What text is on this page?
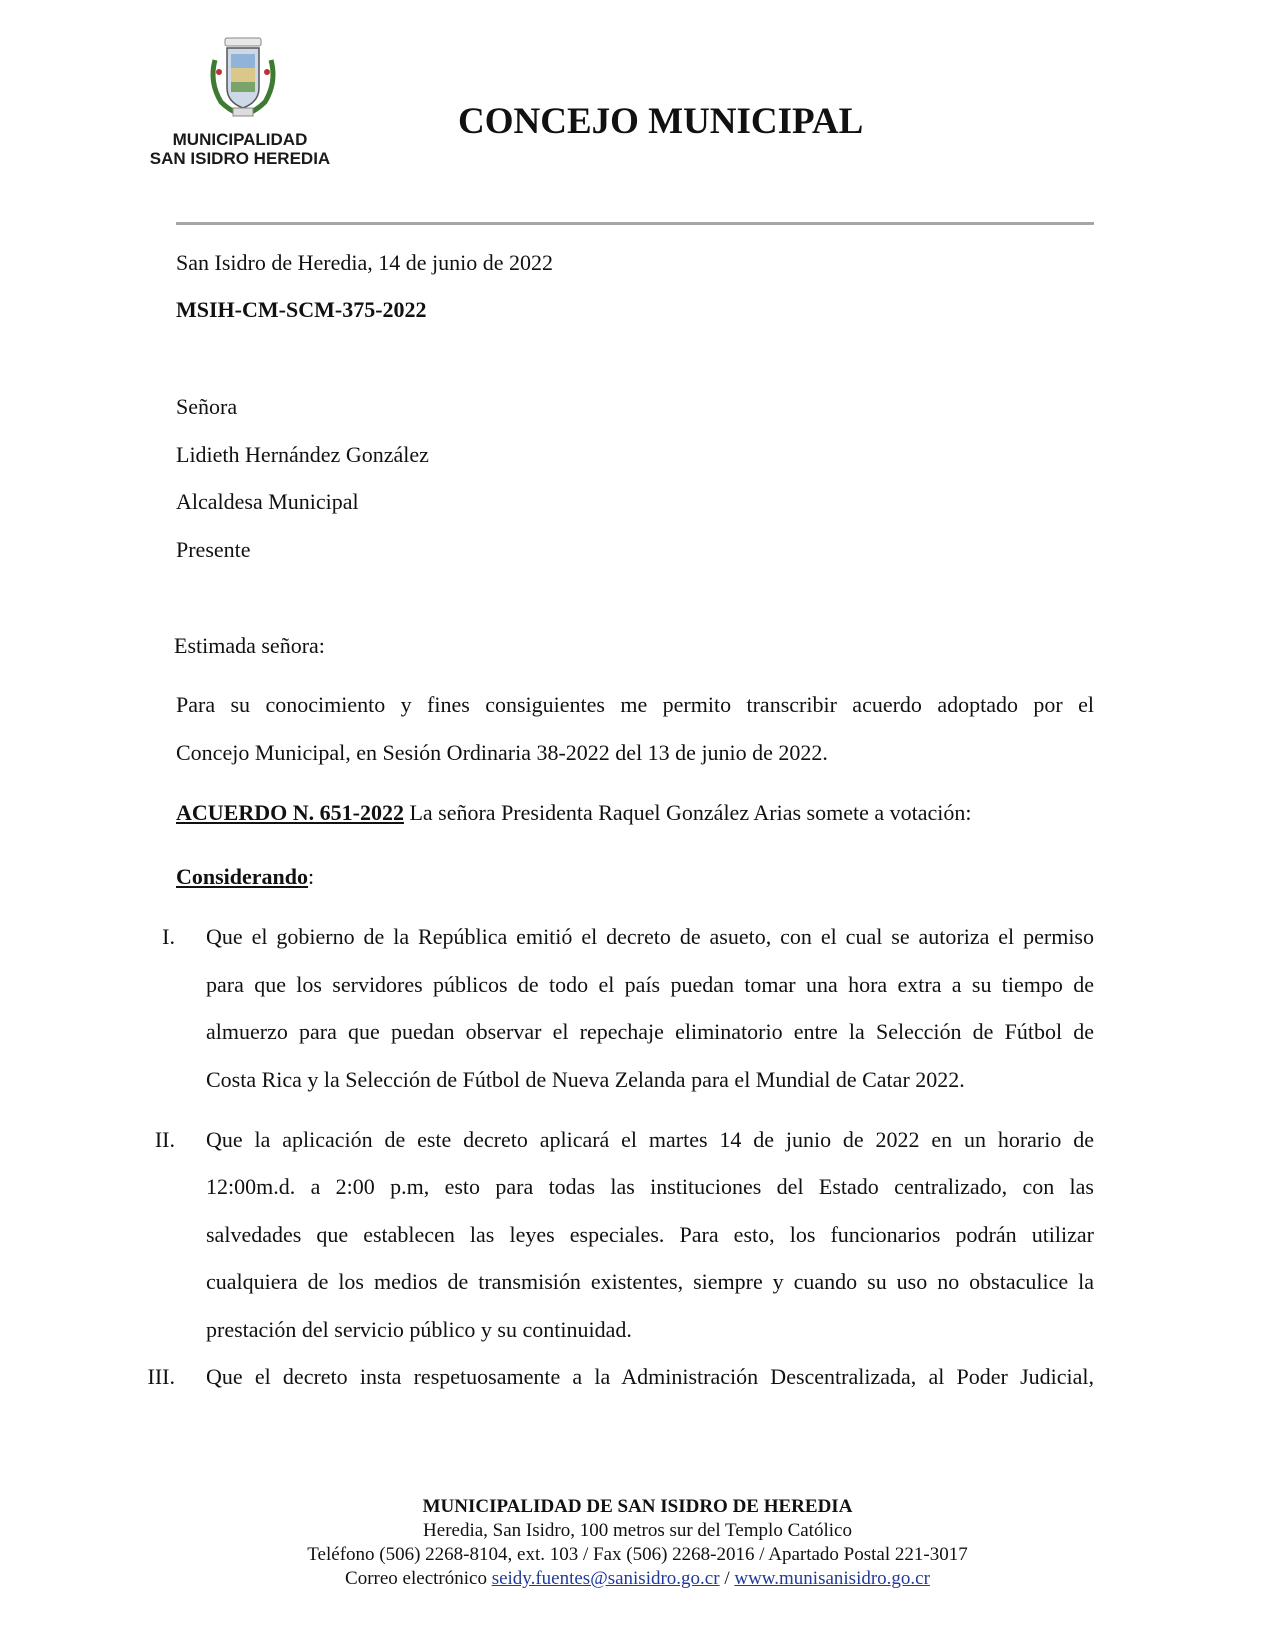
MUNICIPALIDAD
SAN ISIDRO HEREDIA
CONCEJO MUNICIPAL
San Isidro de Heredia, 14 de junio de 2022
MSIH-CM-SCM-375-2022
Señora
Lidieth Hernández González
Alcaldesa Municipal
Presente
Estimada señora:
Para su conocimiento y fines consiguientes me permito transcribir acuerdo adoptado por el
Concejo Municipal, en Sesión Ordinaria 38-2022 del 13 de junio de 2022.
ACUERDO N. 651-2022 La señora Presidenta Raquel González Arias somete a votación:
Considerando:
I. Que el gobierno de la República emitió el decreto de asueto, con el cual se autoriza el permiso
para que los servidores públicos de todo el país puedan tomar una hora extra a su tiempo de
almuerzo para que puedan observar el repechaje eliminatorio entre la Selección de Fútbol de
Costa Rica y la Selección de Fútbol de Nueva Zelanda para el Mundial de Catar 2022.
II. Que la aplicación de este decreto aplicará el martes 14 de junio de 2022 en un horario de
12:00m.d. a 2:00 p.m, esto para todas las instituciones del Estado centralizado, con las
salvedades que establecen las leyes especiales. Para esto, los funcionarios podrán utilizar
cualquiera de los medios de transmisión existentes, siempre y cuando su uso no obstaculice la
prestación del servicio público y su continuidad.
III. Que el decreto insta respetuosamente a la Administración Descentralizada, al Poder Judicial,
MUNICIPALIDAD DE SAN ISIDRO DE HEREDIA
Heredia, San Isidro, 100 metros sur del Templo Católico
Teléfono (506) 2268-8104, ext. 103 / Fax (506) 2268-2016 / Apartado Postal 221-3017
Correo electrónico seidy.fuentes@sanisidro.go.cr / www.munisanisidro.go.cr
